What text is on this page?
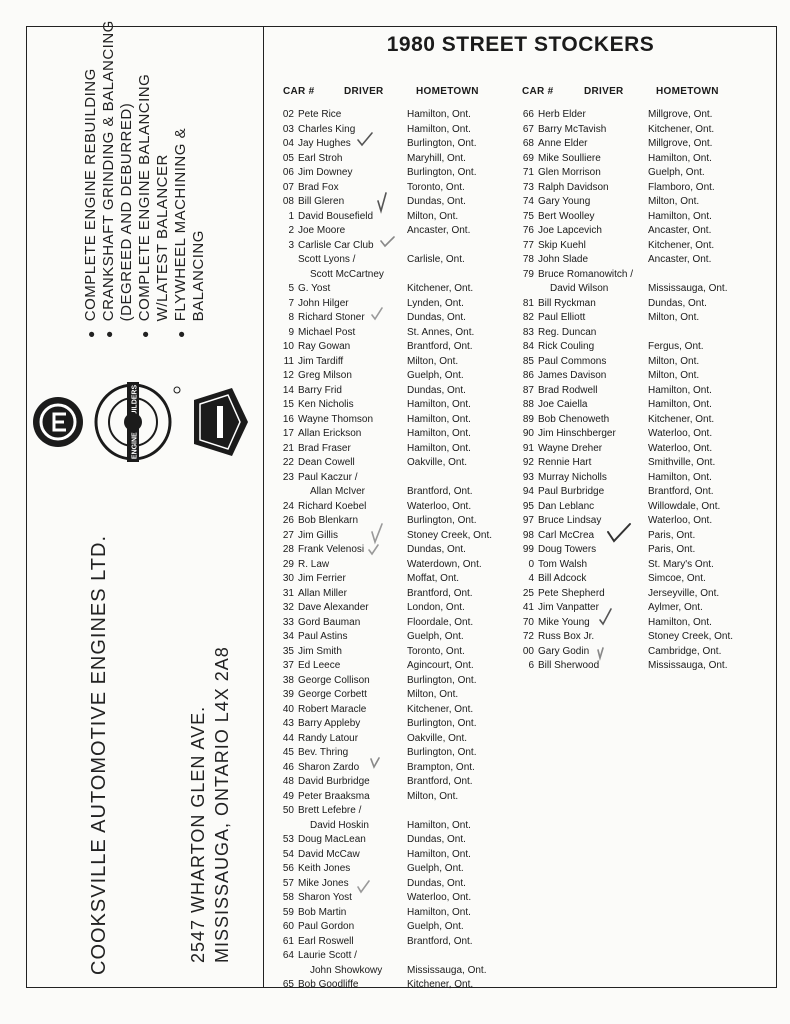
●COMPLETE ENGINE REBUILDING
●CRANKSHAFT GRINDING & BALANCING (DEGREED AND DEBURRED)
●COMPLETE ENGINE BALANCING W/LATEST BALANCER
●FLYWHEEL MACHINING & BALANCING
COOKSVILLE AUTOMOTIVE ENGINES LTD.	2547 WHARTON GLEN AVE. MISSISSAUGA, ONTARIO L4X 2A8
1980 STREET STOCKERS
CAR #	DRIVER	HOMETOWN	CAR #	DRIVER	HOMETOWN
02 Pete Rice	Hamilton, Ont.
03 Charles King	Hamilton, Ont.
04 Jay Hughes	Burlington, Ont.
05 Earl Stroh	Maryhill, Ont.
06 Jim Downey	Burlington, Ont.
07 Brad Fox	Toronto, Ont.
08 Bill Gleren	Dundas, Ont.
1 David Bousefield	Milton, Ont.
2 Joe Moore	Ancaster, Ont.
3 Carlisle Car Club
Scott Lyons /	Carlisle, Ont.
Scott McCartney
5 G. Yost	Kitchener, Ont.
7 John Hilger	Lynden, Ont.
8 Richard Stoner	Dundas, Ont.
9 Michael Post	St. Annes, Ont.
10 Ray Gowan	Brantford, Ont.
11 Jim Tardiff	Milton, Ont.
12 Greg Milson	Guelph, Ont.
14 Barry Frid	Dundas, Ont.
15 Ken Nicholis	Hamilton, Ont.
16 Wayne Thomson	Hamilton, Ont.
17 Allan Erickson	Hamilton, Ont.
21 Brad Fraser	Hamilton, Ont.
22 Dean Cowell	Oakville, Ont.
23 Paul Kaczur /
Allan McIver	Brantford, Ont.
24 Richard Koebel	Waterloo, Ont.
26 Bob Blenkarn	Burlington, Ont.
27 Jim Gillis	Stoney Creek, Ont.
28 Frank Velenosi	Dundas, Ont.
29 R. Law	Waterdown, Ont.
30 Jim Ferrier	Moffat, Ont.
31 Allan Miller	Brantford, Ont.
32 Dave Alexander	London, Ont.
33 Gord Bauman	Floordale, Ont.
34 Paul Astins	Guelph, Ont.
35 Jim Smith	Toronto, Ont.
37 Ed Leece	Agincourt, Ont.
38 George Collison	Burlington, Ont.
39 George Corbett	Milton, Ont.
40 Robert Maracle	Kitchener, Ont.
43 Barry Appleby	Burlington, Ont.
44 Randy Latour	Oakville, Ont.
45 Bev. Thring	Burlington, Ont.
46 Sharon Zardo	Brampton, Ont.
48 David Burbridge	Brantford, Ont.
49 Peter Braaksma	Milton, Ont.
50 Brett Lefebre /
David Hoskin	Hamilton, Ont.
53 Doug MacLean	Dundas, Ont.
54 David McCaw	Hamilton, Ont.
56 Keith Jones	Guelph, Ont.
57 Mike Jones	Dundas, Ont.
58 Sharon Yost	Waterloo, Ont.
59 Bob Martin	Hamilton, Ont.
60 Paul Gordon	Guelph, Ont.
61 Earl Roswell	Brantford, Ont.
64 Laurie Scott /
John Showkowy Mississauga, Ont.
65 Bob Goodliffe	Kitchener, Ont.
66 Herb Elder	Millgrove, Ont.
67 Barry McTavish	Kitchener, Ont.
68 Anne Elder	Millgrove, Ont.
69 Mike Soulliere	Hamilton, Ont.
71 Glen Morrison	Guelph, Ont.
73 Ralph Davidson	Flamboro, Ont.
74 Gary Young	Milton, Ont.
75 Bert Woolley	Hamilton, Ont.
76 Joe Lapcevich	Ancaster, Ont.
77 Skip Kuehl	Kitchener, Ont.
78 John Slade	Ancaster, Ont.
79 Bruce Romanowitch /
David Wilson	Mississauga, Ont.
81 Bill Ryckman	Dundas, Ont.
82 Paul Elliott	Milton, Ont.
83 Reg. Duncan
84 Rick Couling	Fergus, Ont.
85 Paul Commons	Milton, Ont.
86 James Davison	Milton, Ont.
87 Brad Rodwell	Hamilton, Ont.
88 Joe Caiella	Hamilton, Ont.
89 Bob Chenoweth	Kitchener, Ont.
90 Jim Hinschberger	Waterloo, Ont.
91 Wayne Dreher	Waterloo, Ont.
92 Rennie Hart	Smithville, Ont.
93 Murray Nicholls	Hamilton, Ont.
94 Paul Burbridge	Brantford, Ont.
95 Dan Leblanc	Willowdale, Ont.
97 Bruce Lindsay	Waterloo, Ont.
98 Carl McCrea	Paris, Ont.
99 Doug Towers	Paris, Ont.
0 Tom Walsh	St. Mary's Ont.
4 Bill Adcock	Simcoe, Ont.
25 Pete Shepherd	Jerseyville, Ont.
41 Jim Vanpatter	Aylmer, Ont.
70 Mike Young	Hamilton, Ont.
72 Russ Box Jr.	Stoney Creek, Ont.
00 Gary Godin	Cambridge, Ont.
6 Bill Sherwood	Mississauga, Ont.
